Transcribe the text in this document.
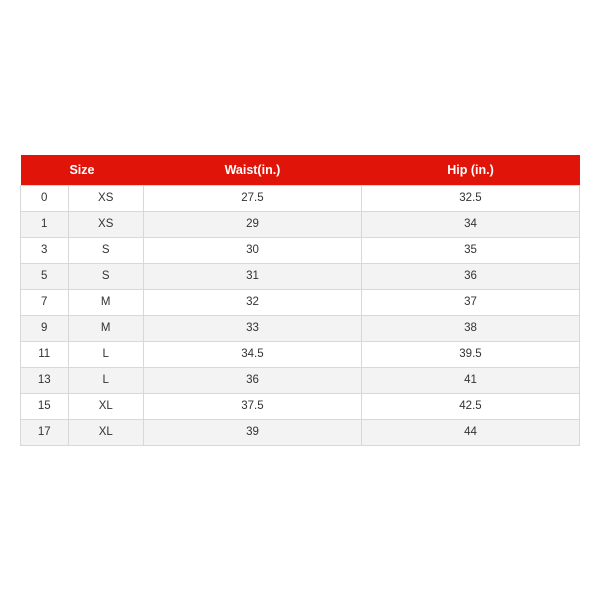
Size		Waist(in.)	Hip (in.)
0	XS	27.5	32.5
1	XS	29	34
3	S	30	35
5	S	31	36
7	M	32	37
9	M	33	38
11	L	34.5	39.5
13	L	36	41
15	XL	37.5	42.5
17	XL	39	44
